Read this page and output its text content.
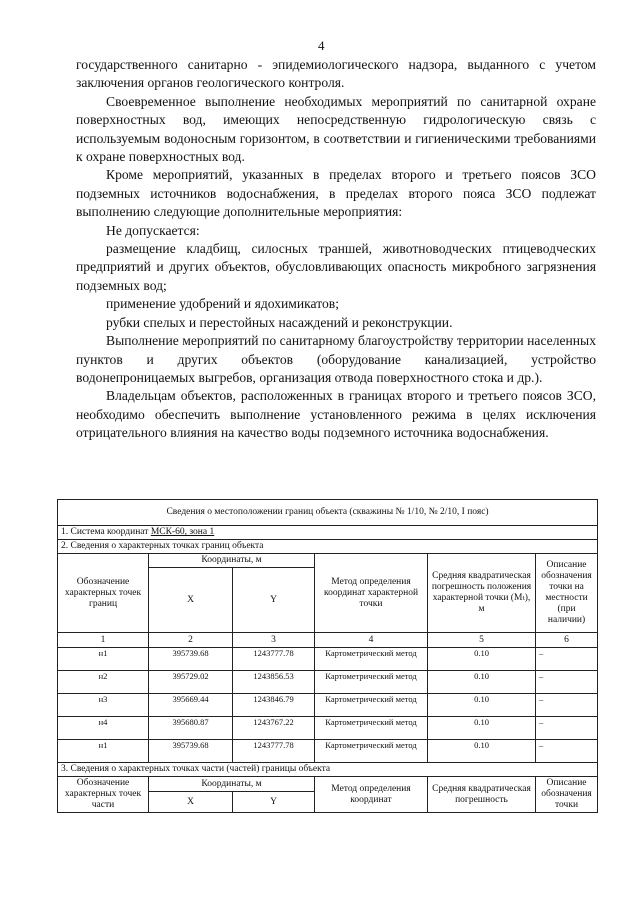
4

государственного санитарно - эпидемиологического надзора, выданного с учетом заключения органов геологического контроля.

Своевременное выполнение необходимых мероприятий по санитарной охране поверхностных вод, имеющих непосредственную гидрологическую связь с используемым водоносным горизонтом, в соответствии и гигиеническими требованиями к охране поверхностных вод.

Кроме мероприятий, указанных в пределах второго и третьего поясов ЗСО подземных источников водоснабжения, в пределах второго пояса ЗСО подлежат выполнению следующие дополнительные мероприятия:

Не допускается:

размещение кладбищ, силосных траншей, животноводческих птицеводческих предприятий и других объектов, обусловливающих опасность микробного загрязнения подземных вод;

применение удобрений и ядохимикатов;

рубки спелых и перестойных насаждений и реконструкции.

Выполнение мероприятий по санитарному благоустройству территории населенных пунктов и других объектов (оборудование канализацией, устройство водонепроницаемых выгребов, организация отвода поверхностного стока и др.).

Владельцам объектов, расположенных в границах второго и третьего поясов ЗСО, необходимо обеспечить выполнение установленного режима в целях исключения отрицательного влияния на качество воды подземного источника водоснабжения.

Сведения о местоположении границ объекта (скважины № 1/10, № 2/10, I пояс)					
1. Система координат МСК-60, зона 1					
2. Сведения о характерных точках границ объекта					
Обозначение характерных точек границ	Координаты, м		Метод определения координат характерной точки	Средняя квадратическая погрешность положения характерной точки (Mₜ), м	Описание обозначения точки на местности (при наличии)
	X	Y			
1	2	3	4	5	6
н1	395739.68	1243777.78	Картометрический метод	0.10	–
н2	395729.02	1243856.53	Картометрический метод	0.10	–
н3	395669.44	1243846.79	Картометрический метод	0.10	–
н4	395680.87	1243767.22	Картометрический метод	0.10	–
н1	395739.68	1243777.78	Картометрический метод	0.10	–
3. Сведения о характерных точках части (частей) границы объекта					
Обозначение характерных точек части	Координаты, м		Метод определения координат	Средняя квадратическая погрешность	Описание обозначения точки
	X	Y			
